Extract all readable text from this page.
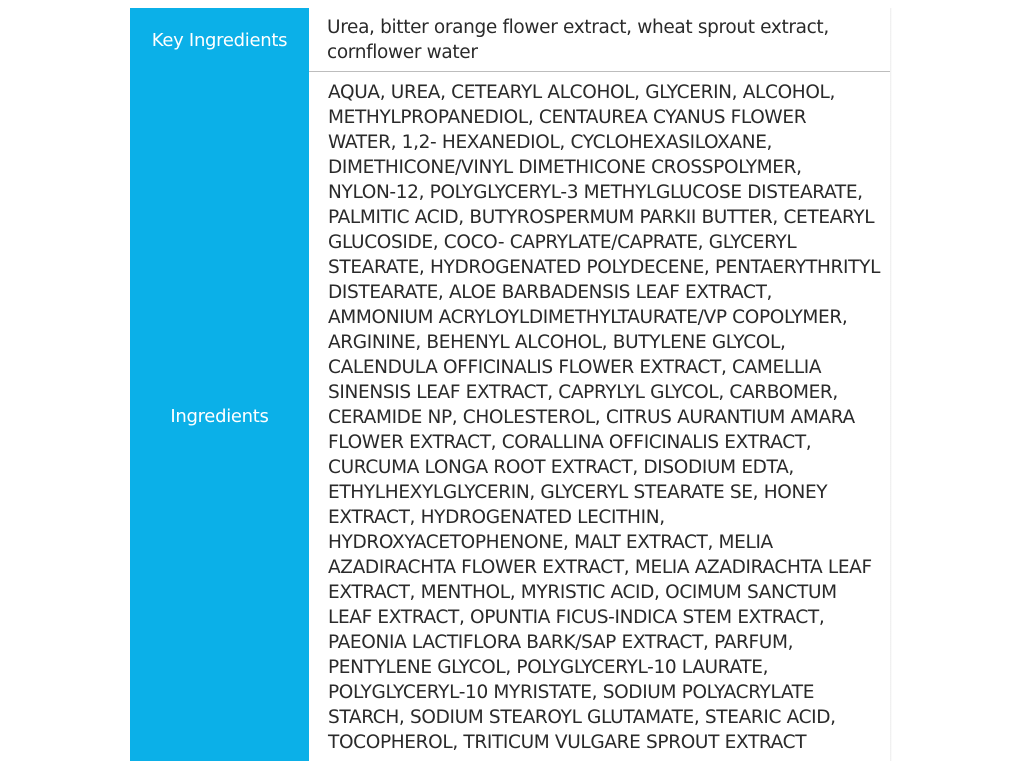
Key Ingredients
Urea, bitter orange flower extract, wheat sprout extract, cornflower water
Ingredients
AQUA, UREA, CETEARYL ALCOHOL, GLYCERIN, ALCOHOL,
METHYLPROPANEDIOL, CENTAUREA CYANUS FLOWER
WATER, 1,2- HEXANEDIOL, CYCLOHEXASILOXANE,
DIMETHICONE/VINYL DIMETHICONE CROSSPOLYMER,
NYLON-12, POLYGLYCERYL-3 METHYLGLUCOSE DISTEARATE,
PALMITIC ACID, BUTYROSPERMUM PARKII BUTTER, CETEARYL
GLUCOSIDE, COCO- CAPRYLATE/CAPRATE, GLYCERYL
STEARATE, HYDROGENATED POLYDECENE, PENTAERYTHRITYL
DISTEARATE, ALOE BARBADENSIS LEAF EXTRACT,
AMMONIUM ACRYLOYLDIMETHYLTAURATE/VP COPOLYMER,
ARGININE, BEHENYL ALCOHOL, BUTYLENE GLYCOL,
CALENDULA OFFICINALIS FLOWER EXTRACT, CAMELLIA
SINENSIS LEAF EXTRACT, CAPRYLYL GLYCOL, CARBOMER,
CERAMIDE NP, CHOLESTEROL, CITRUS AURANTIUM AMARA
FLOWER EXTRACT, CORALLINA OFFICINALIS EXTRACT,
CURCUMA LONGA ROOT EXTRACT, DISODIUM EDTA,
ETHYLHEXYLGLYCERIN, GLYCERYL STEARATE SE, HONEY
EXTRACT, HYDROGENATED LECITHIN,
HYDROXYACETOPHENONE, MALT EXTRACT, MELIA
AZADIRACHTA FLOWER EXTRACT, MELIA AZADIRACHTA LEAF
EXTRACT, MENTHOL, MYRISTIC ACID, OCIMUM SANCTUM
LEAF EXTRACT, OPUNTIA FICUS-INDICA STEM EXTRACT,
PAEONIA LACTIFLORA BARK/SAP EXTRACT, PARFUM,
PENTYLENE GLYCOL, POLYGLYCERYL-10 LAURATE,
POLYGLYCERYL-10 MYRISTATE, SODIUM POLYACRYLATE
STARCH, SODIUM STEAROYL GLUTAMATE, STEARIC ACID,
TOCOPHEROL, TRITICUM VULGARE SPROUT EXTRACT
